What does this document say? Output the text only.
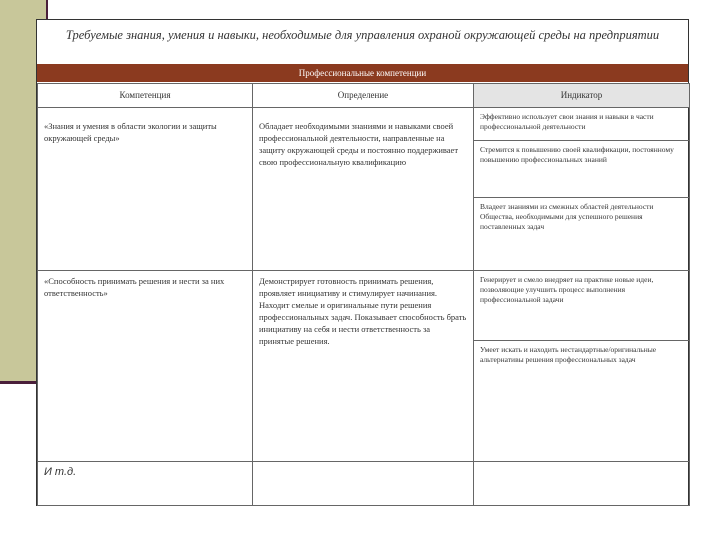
Требуемые знания, умения и навыки, необходимые для управления охраной окружающей среды на предприятии
Профессиональные компетенции
Компетенция	Определение	Индикатор
«Знания и умения в области экологии и защиты окружающей среды»	Обладает необходимыми знаниями и навыками своей профессиональной деятельности, направленные на защиту окружающей среды и постоянно поддерживает свою профессиональную квалификацию	Эффективно использует свои знания и навыки в части профессиональной деятельности
		Стремится к повышению своей квалификации, постоянному повышению профессиональных знаний
		Владеет знаниями из смежных областей деятельности Общества, необходимыми для успешного решения поставленных задач
«Способность принимать решения и нести за них ответственность»	Демонстрирует готовность принимать решения, проявляет инициативу и стимулирует начинания. Находит смелые и оригинальные пути решения профессиональных задач. Показывает способность брать инициативу на себя и нести ответственность за принятые решения.	Генерирует и смело внедряет на практике новые идеи, позволяющие улучшить процесс выполнения профессиональной задачи
		Умеет искать и находить нестандартные/оригинальные альтернативы решения профессиональных задач
И т.д.		
